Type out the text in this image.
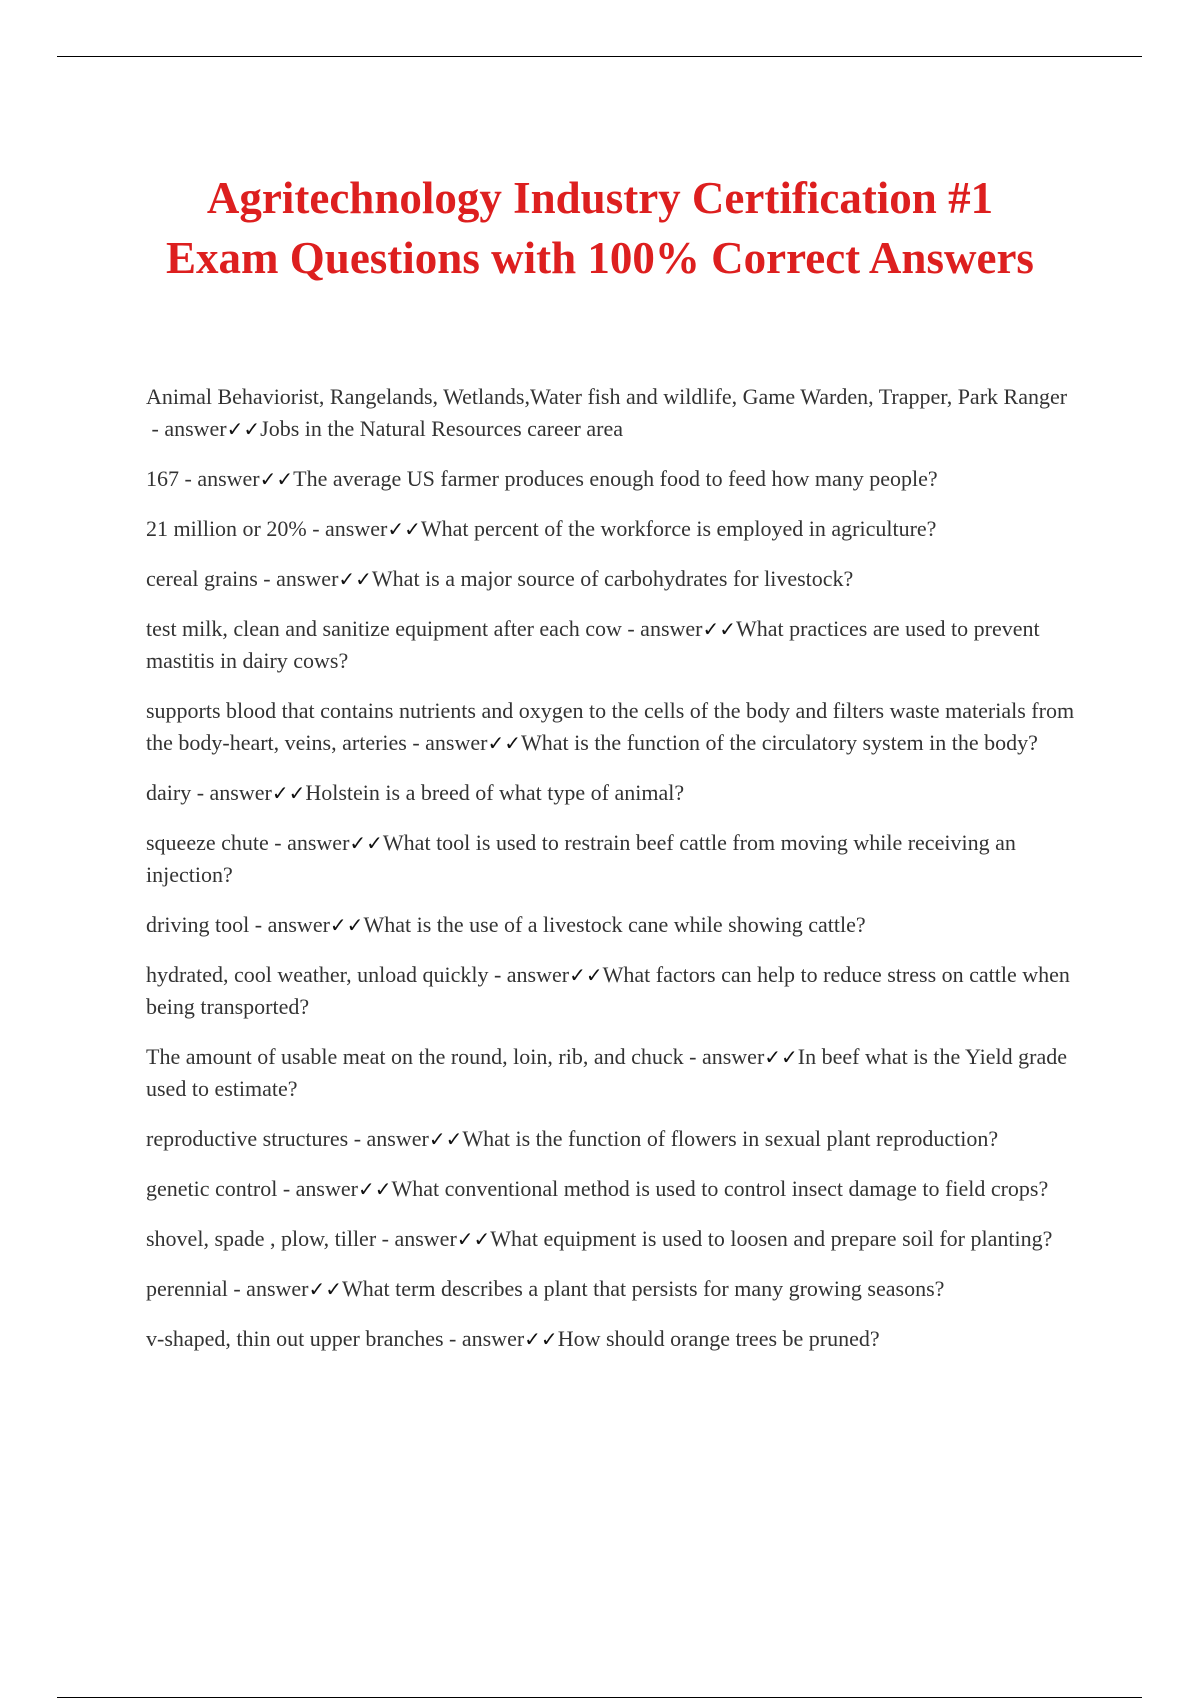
Agritechnology Industry Certification #1
Exam Questions with 100% Correct Answers
Animal Behaviorist, Rangelands, Wetlands,Water fish and wildlife, Game Warden, Trapper, Park Ranger - answer✓✓Jobs in the Natural Resources career area
167 - answer✓✓The average US farmer produces enough food to feed how many people?
21 million or 20% - answer✓✓What percent of the workforce is employed in agriculture?
cereal grains - answer✓✓What is a major source of carbohydrates for livestock?
test milk, clean and sanitize equipment after each cow - answer✓✓What practices are used to prevent mastitis in dairy cows?
supports blood that contains nutrients and oxygen to the cells of the body and filters waste materials from the body-heart, veins, arteries - answer✓✓What is the function of the circulatory system in the body?
dairy - answer✓✓Holstein is a breed of what type of animal?
squeeze chute - answer✓✓What tool is used to restrain beef cattle from moving while receiving an injection?
driving tool - answer✓✓What is the use of a livestock cane while showing cattle?
hydrated, cool weather, unload quickly - answer✓✓What factors can help to reduce stress on cattle when being transported?
The amount of usable meat on the round, loin, rib, and chuck - answer✓✓In beef what is the Yield grade used to estimate?
reproductive structures - answer✓✓What is the function of flowers in sexual plant reproduction?
genetic control - answer✓✓What conventional method is used to control insect damage to field crops?
shovel, spade , plow, tiller - answer✓✓What equipment is used to loosen and prepare soil for planting?
perennial - answer✓✓What term describes a plant that persists for many growing seasons?
v-shaped, thin out upper branches - answer✓✓How should orange trees be pruned?
